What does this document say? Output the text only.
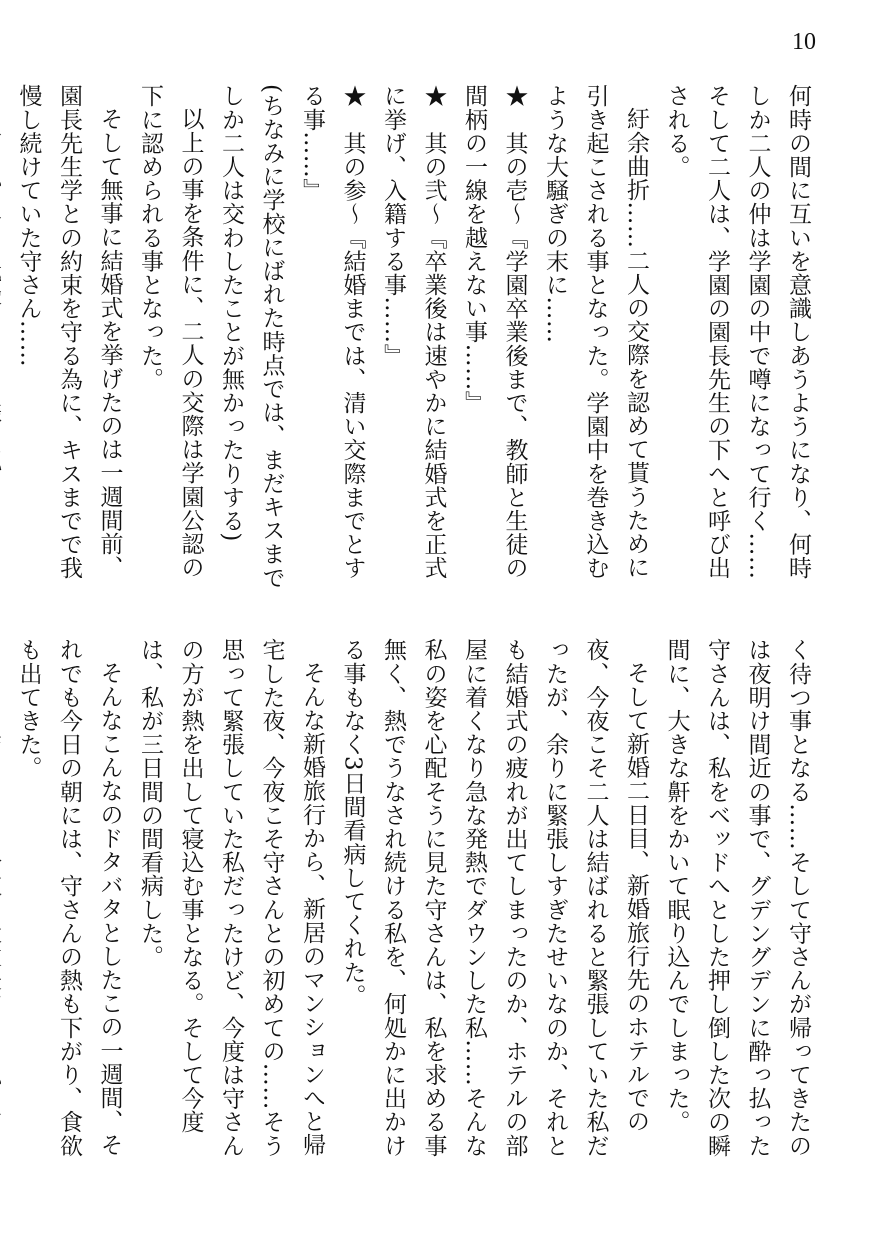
10

何時の間に互いを意識しあうようになり、何時しか二人の仲は学園の中で噂になって行く……そして二人は、学園の園長先生の下へと呼び出される。

紆余曲折……二人の交際を認めて貰うために引き起こされる事となった。学園中を巻き込むような大騒ぎの末に……

★　其の壱～『学園卒業後まで、教師と生徒の間柄の一線を越えない事……』

★　其の弐～『卒業後は速やかに結婚式を正式に挙げ、入籍する事……』

★　其の参～『結婚までは、清い交際までとする事……』

(ちなみに学校にばれた時点では、まだキスまでしか二人は交わしたことが無かったりする)

以上の事を条件に、二人の交際は学園公認の下に認められる事となった。

そして無事に結婚式を挙げたのは一週間前、園長先生学との約束を守る為に、キスまでで我慢し続けていた守さん……

く待つ事となる……そして守さんが帰ってきたのは夜明け間近の事で、グデングデンに酔っ払った守さんは、私をベッドへとした押し倒した次の瞬間に、大きな鼾をかいて眠り込んでしまった。

そして新婚二日目、新婚旅行先のホテルでの夜、今夜こそ二人は結ばれると緊張していた私だったが、余りに緊張しすぎたせいなのか、それとも結婚式の疲れが出てしまったのか、ホテルの部屋に着くなり急な発熱でダウンした私……そんな私の姿を心配そうに見た守さんは、私を求める事無く、熱でうなされ続ける私を、何処かに出かける事もなく3日間看病してくれた。

そんな新婚旅行から、新居のマンションへと帰宅した夜、今夜こそ守さんとの初めての……そう思って緊張していた私だったけど、今度は守さんの方が熱を出して寝込む事となる。そして今度は、私が三日間の間看病した。

そんなこんなのドタバタとしたこの一週間、それでも今日の朝には、守さんの熱も下がり、食欲も出てきた。
